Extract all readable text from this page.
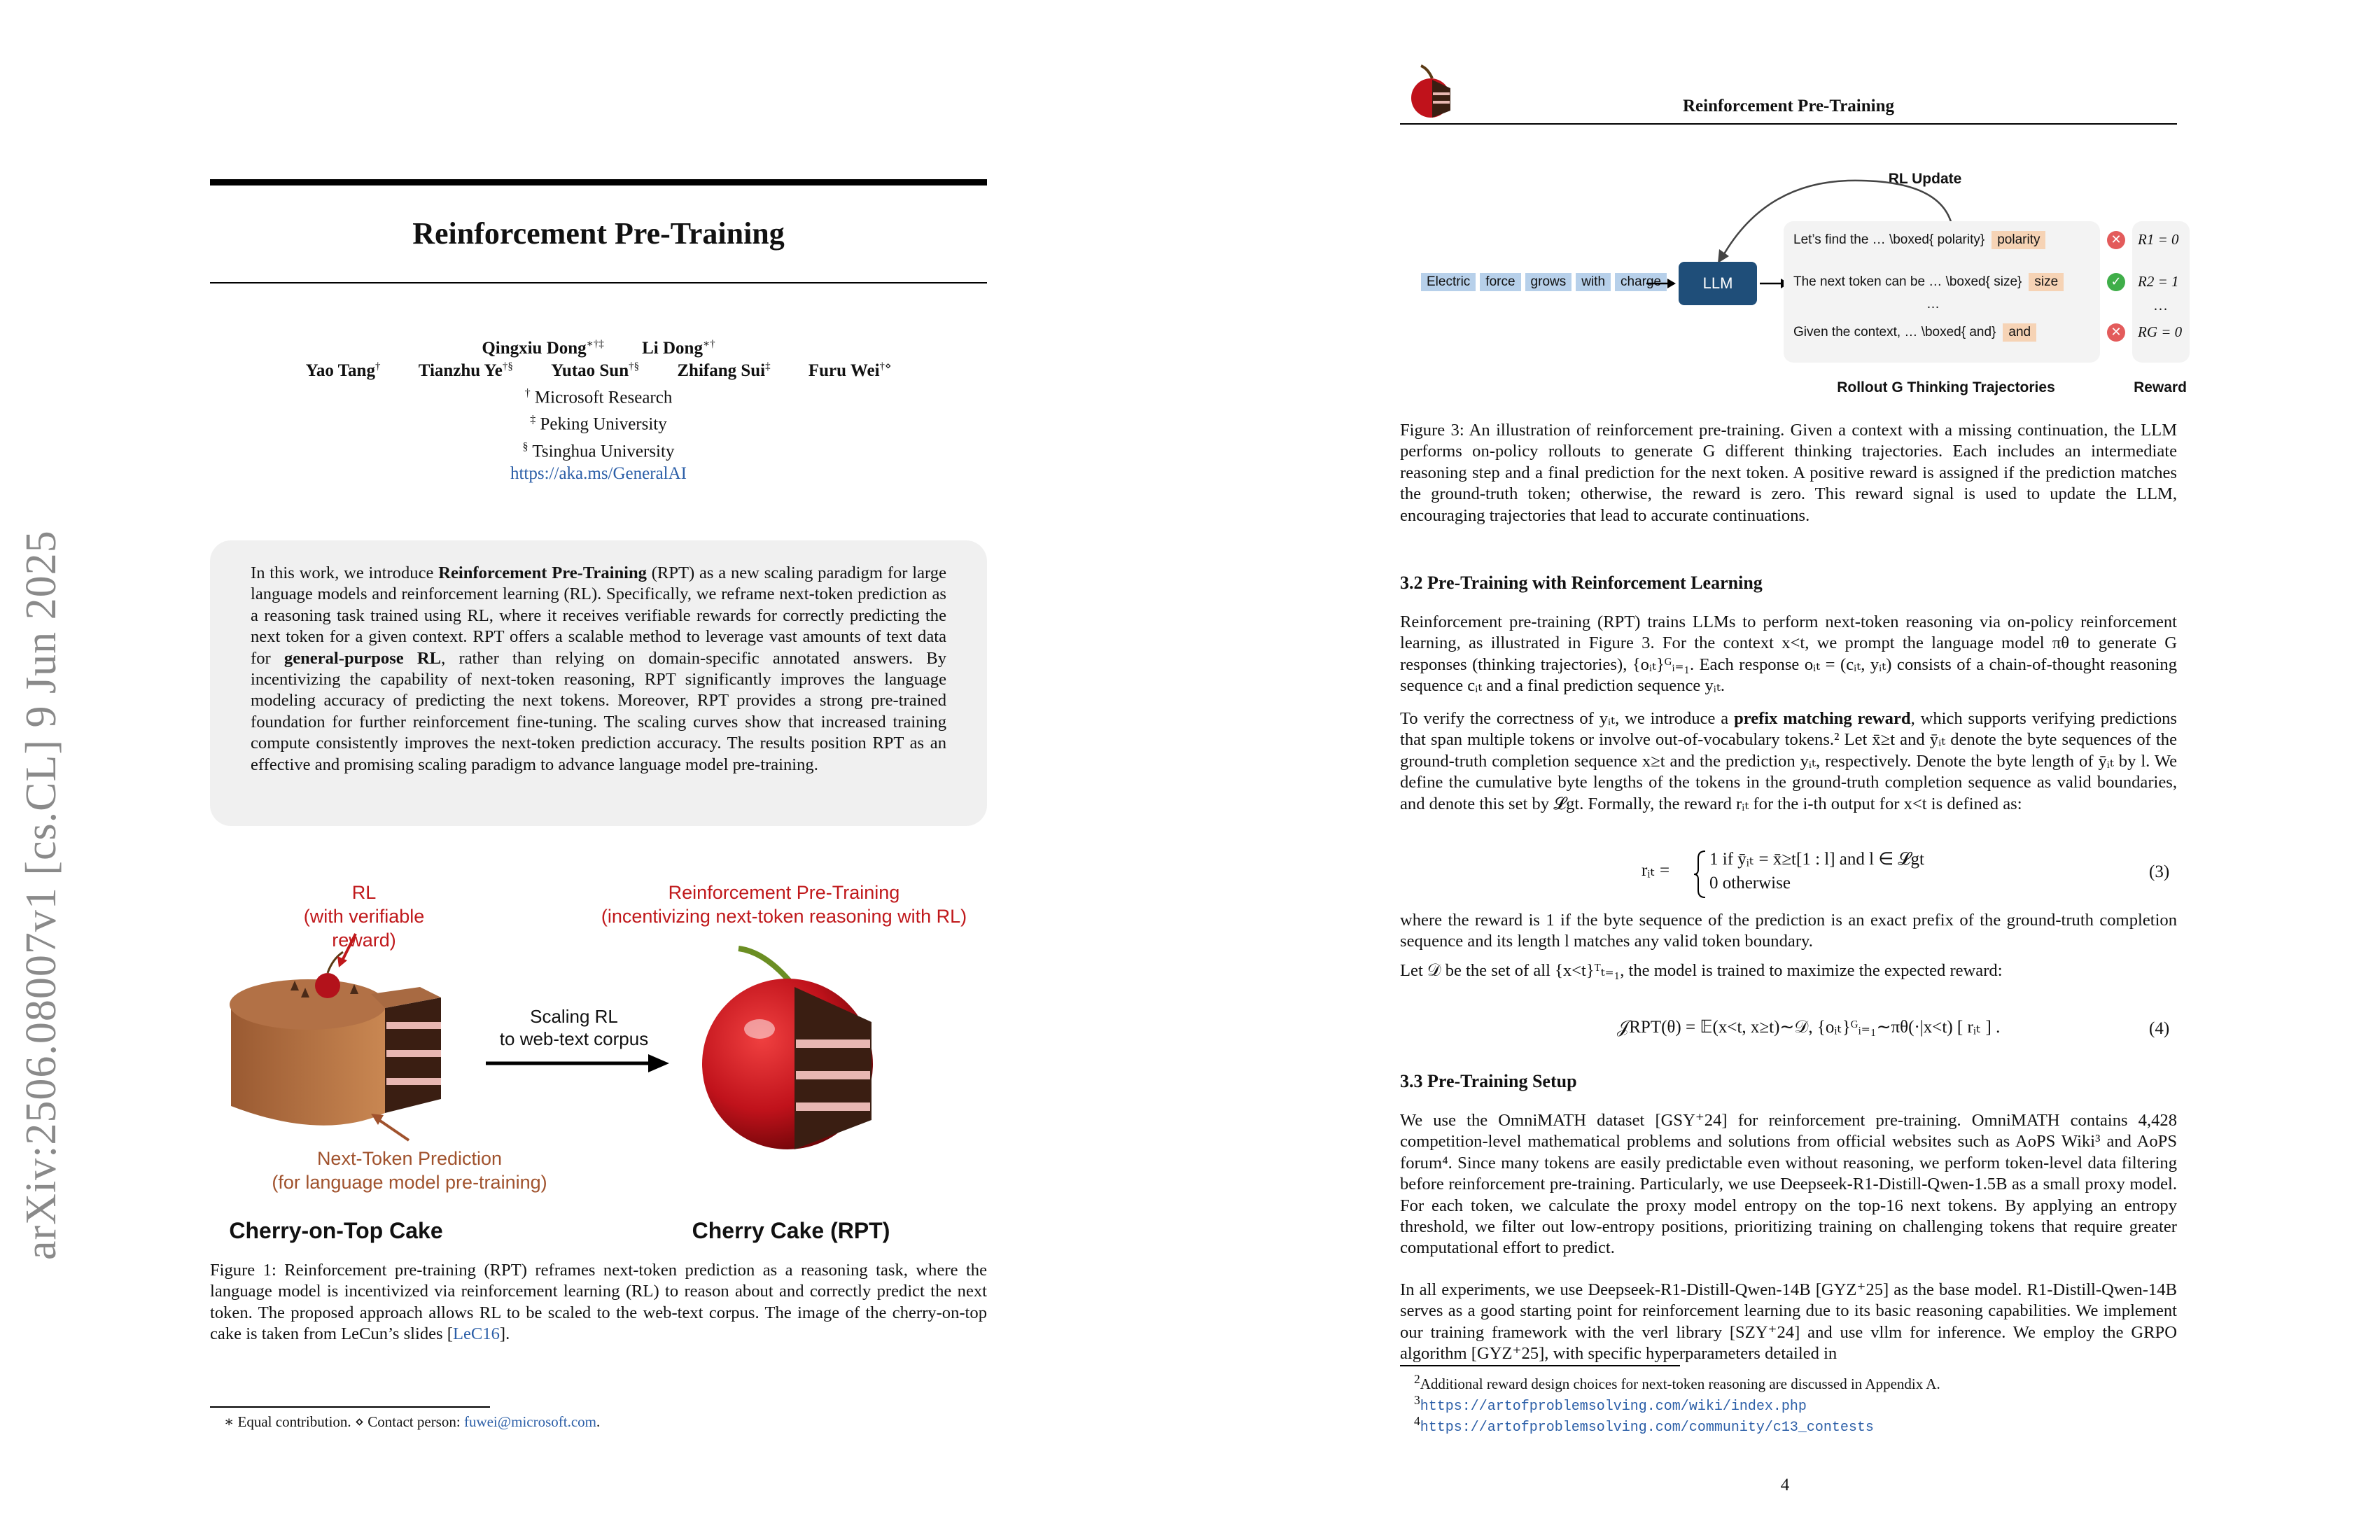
arXiv:2506.08007v1 [cs.CL] 9 Jun 2025
Reinforcement Pre-Training
Qingxiu Dong∗†‡ Li Dong∗†
Yao Tang† Tianzhu Ye†§ Yutao Sun†§ Zhifang Sui‡ Furu Wei†⋄
† Microsoft Research
‡ Peking University
§ Tsinghua University
https://aka.ms/GeneralAI
In this work, we introduce Reinforcement Pre-Training (RPT) as a new scaling paradigm for large language models and reinforcement learning (RL). Specifically, we reframe next-token prediction as a reasoning task trained using RL, where it receives verifiable rewards for correctly predicting the next token for a given context. RPT offers a scalable method to leverage vast amounts of text data for general-purpose RL, rather than relying on domain-specific annotated answers. By incentivizing the capability of next-token reasoning, RPT significantly improves the language modeling accuracy of predicting the next tokens. Moreover, RPT provides a strong pre-trained foundation for further reinforcement fine-tuning. The scaling curves show that increased training compute consistently improves the next-token prediction accuracy. The results position RPT as an effective and promising scaling paradigm to advance language model pre-training.
RL
(with verifiable reward)
Reinforcement Pre-Training
(incentivizing next-token reasoning with RL)
Scaling RL
to web-text corpus
Next-Token Prediction
(for language model pre-training)
Cherry-on-Top Cake	Cherry Cake (RPT)
Figure 1: Reinforcement pre-training (RPT) reframes next-token prediction as a reasoning task, where the language model is incentivized via reinforcement learning (RL) to reason about and correctly predict the next token. The proposed approach allows RL to be scaled to the web-text corpus. The image of the cherry-on-top cake is taken from LeCun’s slides [LeC16].
∗ Equal contribution. ⋄ Contact person: fuwei@microsoft.com.
Reinforcement Pre-Training
RL Update
Electric force grows with charge	LLM
Let’s find the … \boxed{ polarity} polarity
The next token can be … \boxed{ size} size
…
Given the context, … \boxed{ and} and
✕
✓
✕
R1 = 0
R2 = 1
…
RG = 0
Rollout G Thinking Trajectories	Reward
Figure 3: An illustration of reinforcement pre-training. Given a context with a missing continuation, the LLM performs on-policy rollouts to generate G different thinking trajectories. Each includes an intermediate reasoning step and a final prediction for the next token. A positive reward is assigned if the prediction matches the ground-truth token; otherwise, the reward is zero. This reward signal is used to update the LLM, encouraging trajectories that lead to accurate continuations.
3.2 Pre-Training with Reinforcement Learning
Reinforcement pre-training (RPT) trains LLMs to perform next-token reasoning via on-policy reinforcement learning, as illustrated in Figure 3. For the context x<t, we prompt the language model πθ to generate G responses (thinking trajectories), {oᵢₜ}ᴳᵢ₌₁. Each response oᵢₜ = (cᵢₜ, yᵢₜ) consists of a chain-of-thought reasoning sequence cᵢₜ and a final prediction sequence yᵢₜ.
To verify the correctness of yᵢₜ, we introduce a prefix matching reward, which supports verifying predictions that span multiple tokens or involve out-of-vocabulary tokens.² Let x̄≥t and ȳᵢₜ denote the byte sequences of the ground-truth completion sequence x≥t and the prediction yᵢₜ, respectively. Denote the byte length of ȳᵢₜ by l. We define the cumulative byte lengths of the tokens in the ground-truth completion sequence as valid boundaries, and denote this set by 𝓛gt. Formally, the reward rᵢₜ for the i-th output for x<t is defined as:
rᵢₜ =
1 if ȳᵢₜ = x̄≥t[1 : l] and l ∈ 𝓛gt
0 otherwise
(3)
where the reward is 1 if the byte sequence of the prediction is an exact prefix of the ground-truth completion sequence and its length l matches any valid token boundary.
Let 𝒟 be the set of all {x<t}ᵀₜ₌₁, the model is trained to maximize the expected reward:
𝒥RPT(θ) = 𝔼(x<t, x≥t)∼𝒟, {oᵢₜ}ᴳᵢ₌₁∼πθ(·|x<t) [ rᵢₜ ] .	(4)
3.3 Pre-Training Setup
We use the OmniMATH dataset [GSY⁺24] for reinforcement pre-training. OmniMATH contains 4,428 competition-level mathematical problems and solutions from official websites such as AoPS Wiki³ and AoPS forum⁴. Since many tokens are easily predictable even without reasoning, we perform token-level data filtering before reinforcement pre-training. Particularly, we use Deepseek-R1-Distill-Qwen-1.5B as a small proxy model. For each token, we calculate the proxy model entropy on the top-16 next tokens. By applying an entropy threshold, we filter out low-entropy positions, prioritizing training on challenging tokens that require greater computational effort to predict.
In all experiments, we use Deepseek-R1-Distill-Qwen-14B [GYZ⁺25] as the base model. R1-Distill-Qwen-14B serves as a good starting point for reinforcement learning due to its basic reasoning capabilities. We implement our training framework with the verl library [SZY⁺24] and use vllm for inference. We employ the GRPO algorithm [GYZ⁺25], with specific hyperparameters detailed in
$^2$Additional reward design choices for next-token reasoning are discussed in Appendix A.
$^3$https://artofproblemsolving.com/wiki/index.php
$^4$https://artofproblemsolving.com/community/c13_contests
4
